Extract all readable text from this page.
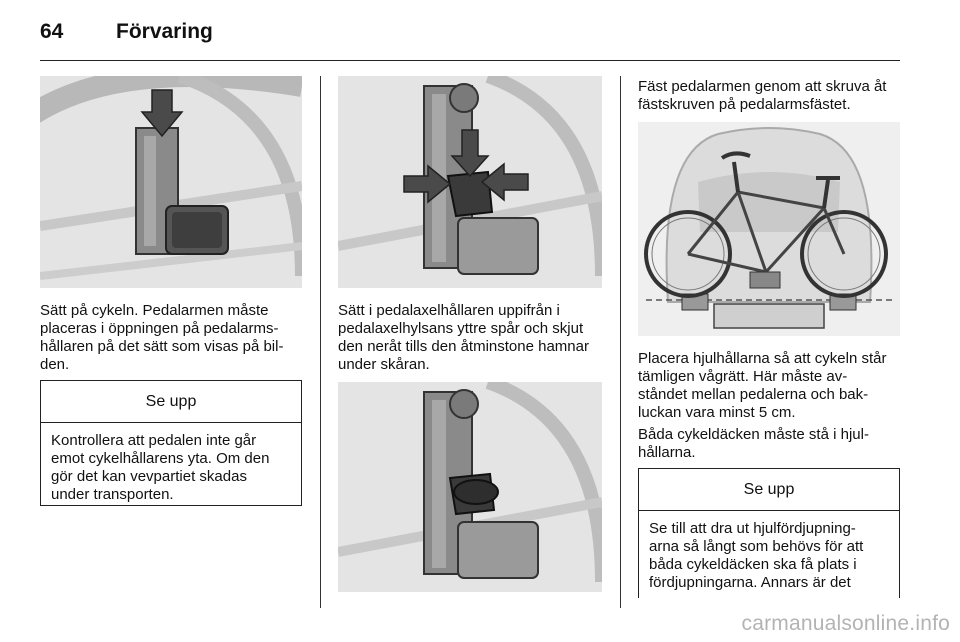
64	Förvaring

Sätt på cykeln. Pedalarmen måste

placeras i öppningen på pedalarms-

hållaren på det sätt som visas på bil-

den.

Se upp
Kontrollera att pedalen inte går
emot cykelhållarens yta. Om den
gör det kan vevpartiet skadas
under transporten.

Sätt i pedalaxelhållaren uppifrån i

pedalaxelhylsans yttre spår och skjut

den neråt tills den åtminstone hamnar

under skåran.

Fäst pedalarmen genom att skruva åt

fästskruven på pedalarmsfästet.

Placera hjulhållarna så att cykeln står

tämligen vågrätt. Här måste av-

ståndet mellan pedalerna och bak-

luckan vara minst 5 cm.

Båda cykeldäcken måste stå i hjul-

hållarna.

Se upp
Se till att dra ut hjulfördjupning-
arna så långt som behövs för att
båda cykeldäcken ska få plats i
fördjupningarna. Annars är det
carmanualsonline.info
